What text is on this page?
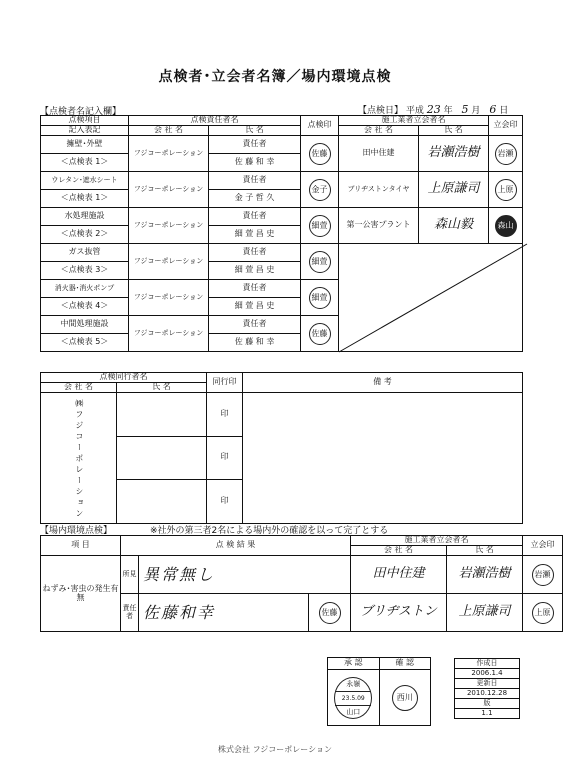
点検者･立会者名簿／場内環境点検
【点検者名記入欄】	【点検日】 平成 23 年 5 月 6 日
点検項目	点検責任者名		点検印	施工業者立会者名		立会印
記入表記	会 社 名	氏 名		会 社 名	氏 名	
擁壁･外壁	フジコーポレーション	責任者	佐藤	田中住建	岩瀬浩樹	岩瀬
＜点検表 1＞		佐 藤 和 幸				
ウレタン･遮水シート	フジコーポレーション	責任者	金子	ブリヂストンタイヤ	上原謙司	上原
＜点検表 1＞		金 子 哲 久				
水処理施設	フジコーポレーション	責任者	細萱	第一公害プラント	森山毅	森山
＜点検表 2＞		細 萱 昌 史				
ガス抜管	フジコーポレーション	責任者	細萱	

＜点検表 3＞		細 萱 昌 史				
消火器･消火ポンプ	フジコーポレーション	責任者	細萱			
＜点検表 4＞		細 萱 昌 史				
中間処理施設	フジコーポレーション	責任者	佐藤			
＜点検表 5＞		佐 藤 和 幸				
点検同行者名		同行印	備 考
会 社 名	氏 名		
㈱フジコーポレーション		印	
		印	
		印	
【場内環境点検】	※社外の第三者2名による場内外の確認を以って完了とする
項 目	点 検 結 果			施工業者立会者名		立会印
				会 社 名	氏 名	
ねずみ･害虫の発生有無	所見	異常無し		田中住建	岩瀬浩樹	岩瀬
	責任者	佐藤和幸	佐藤	ブリヂストン	上原謙司	上原
承 認	確 認

永嶺
23.5.09
山口	西川
作成日
2006.1.4
更新日
2010.12.28
版
1.1
株式会社 フジコーポレーション
